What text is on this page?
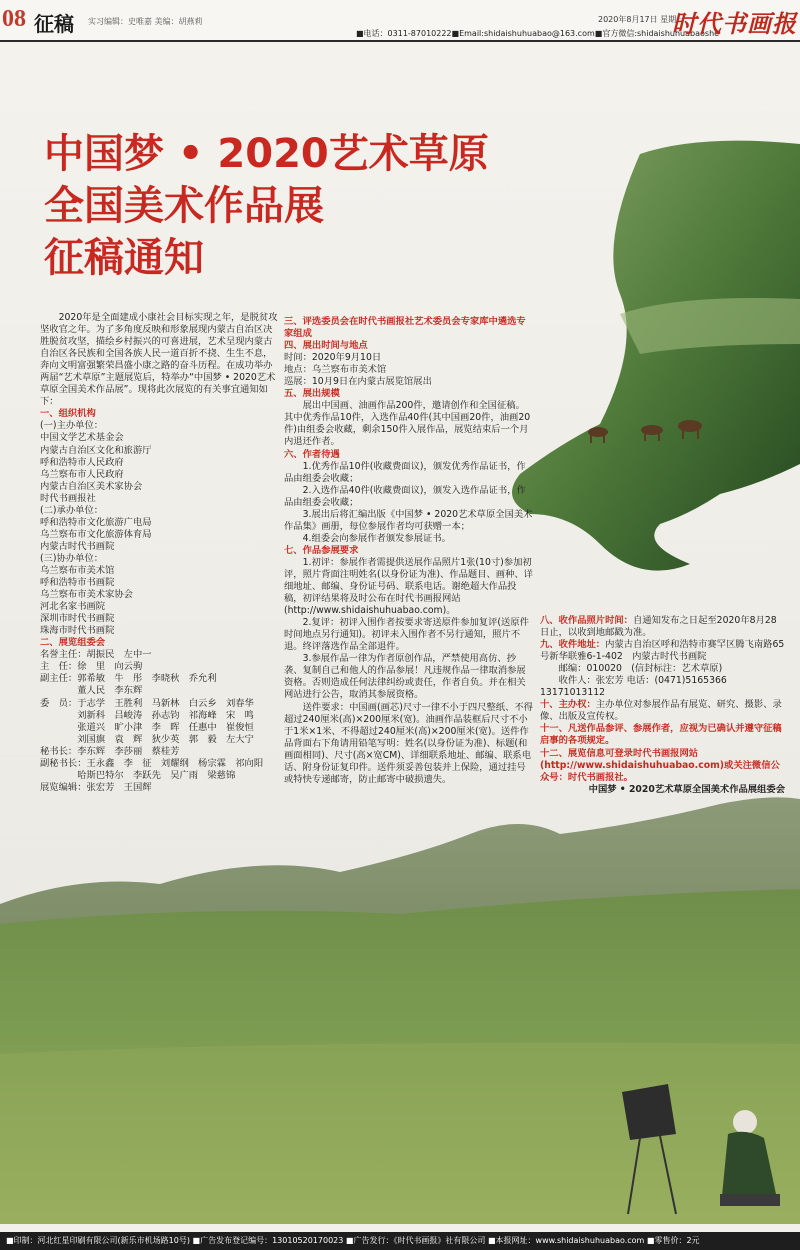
08 征稿 实习编辑：史唯嘉 美编：胡燕莉	2020年8月17日 星期一
■电话：0311-87010222■Email:shidaishuhuabao@163.com■官方微信:shidaishuhuabaoshe
时代书画报
中国梦 • 2020艺术草原
全国美术作品展
征稿通知

2020年是全面建成小康社会目标实现之年，是脱贫攻坚收官之年。为了多角度反映和形象展现内蒙古自治区决胜脱贫攻坚，描绘乡村振兴的可喜进展，艺术呈现内蒙古自治区各民族和全国各族人民一道百折不挠、生生不息，奔向文明富强繁荣昌盛小康之路的奋斗历程。在成功举办两届“艺术草原”主题展览后，特举办“中国梦 • 2020艺术草原全国美术作品展”。现将此次展览的有关事宜通知如下：

一、组织机构

(一)主办单位：

中国文学艺术基金会

内蒙古自治区文化和旅游厅

呼和浩特市人民政府

乌兰察布市人民政府

内蒙古自治区美术家协会

时代书画报社

(二)承办单位：

呼和浩特市文化旅游广电局

乌兰察布市文化旅游体育局

内蒙古时代书画院

(三)协办单位：

乌兰察布市美术馆

呼和浩特市书画院

乌兰察布市美术家协会

河北名家书画院

深圳市时代书画院

珠海市时代书画院

二、展览组委会

名誉主任：胡振民　左中一

主　任：徐　里　向云驹

副主任：郭希敏　牛　彤　李晓秋　乔允利

　　　　董人民　李东辉

委　员：于志学　王胜利　马新林　白云乡　刘春华

　　　　刘新科　吕峻涛　孙志钧　祁海峰　宋　鸣

　　　　张道兴　旷小津　李　晖　任惠中　崔俊恒

　　　　刘国旗　袁　辉　狄少英　郭　毅　左大宁

秘书长：李东辉　李莎丽　蔡桂芳

副秘书长：王永鑫　李　征　刘耀纲　杨宗霖　祁向阳

　　　　哈斯巴特尔　李跃先　吴广雨　梁慈锦

展览编辑：张宏芳　王国辉

三、评选委员会在时代书画报社艺术委员会专家库中遴选专家组成

四、展出时间与地点

时间：2020年9月10日

地点：乌兰察布市美术馆

巡展：10月9日在内蒙古展览馆展出

五、展出规模

展出中国画、油画作品200件，邀请创作和全国征稿。其中优秀作品10件，入选作品40件(其中国画20件，油画20件)由组委会收藏，剩余150件入展作品，展览结束后一个月内退还作者。

六、作者待遇

1.优秀作品10件(收藏费面议)，颁发优秀作品证书，作品由组委会收藏；

2.入选作品40件(收藏费面议)，颁发入选作品证书，作品由组委会收藏；

3.展出后将汇编出版《中国梦 • 2020艺术草原全国美术作品集》画册，每位参展作者均可获赠一本；

4.组委会向参展作者颁发参展证书。

七、作品参展要求

1.初评：参展作者需提供送展作品照片1张(10寸)参加初评，照片背面注明姓名(以身份证为准)、作品题目、画种、详细地址、邮编、身份证号码、联系电话。谢绝超大作品投稿，初评结果将及时公布在时代书画报网站(http://www.shidaishuhuabao.com)。

2.复评：初评入围作者按要求寄送原件参加复评(送原件时间地点另行通知)。初评未入围作者不另行通知，照片不退。终评落选作品全部退件。

3.参展作品一律为作者原创作品，严禁使用高仿、抄袭、复制自己和他人的作品参展！凡违规作品一律取消参展资格。否则造成任何法律纠纷或责任，作者自负。并在相关网站进行公告，取消其参展资格。

送件要求：中国画(画芯)尺寸一律不小于四尺整纸、不得超过240厘米(高)×200厘米(宽)。油画作品装框后尺寸不小于1米×1米、不得超过240厘米(高)×200厘米(宽)。送件作品背面右下角请用铅笔写明：姓名(以身份证为准)、标题(和画面相同)、尺寸(高×宽CM)、详细联系地址、邮编、联系电话、附身份证复印件。送件须妥善包装并上保险，通过挂号或特快专递邮寄，防止邮寄中破损遗失。

八、收作品照片时间：自通知发布之日起至2020年8月28日止，以收到地邮戳为准。

九、收件地址：内蒙古自治区呼和浩特市赛罕区腾飞南路65号新华联雅6-1-402　内蒙古时代书画院

邮编：010020　(信封标注：艺术草原)

收件人：张宏芳 电话：(0471)5165366 13171013112

十、主办权：主办单位对参展作品有展览、研究、摄影、录像、出版及宣传权。

十一、凡送作品参评、参展作者，应视为已确认并遵守征稿启事的各项规定。

十二、展览信息可登录时代书画报网站(http://www.shidaishuhuabao.com)或关注微信公众号：时代书画报社。

中国梦 • 2020艺术草原全国美术作品展组委会

■印制：河北红星印刷有限公司(新乐市机场路10号) ■广告发布登记编号：13010520170023 ■广告发行：《时代书画报》社有限公司 ■本报网址：www.shidaishuhuabao.com ■零售价：2元
